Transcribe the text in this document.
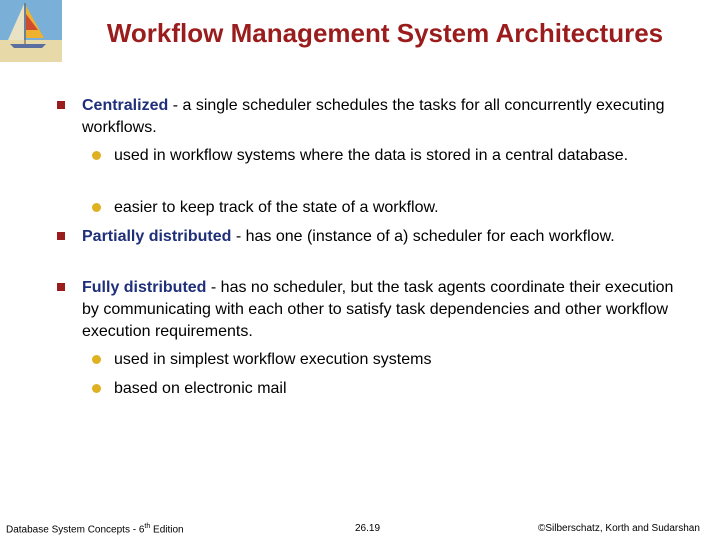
Workflow Management System Architectures
Centralized - a single scheduler schedules the tasks for all concurrently executing workflows.
used in workflow systems where the data is stored in a central database.
easier to keep track of the state of a workflow.
Partially distributed - has one (instance of a) scheduler for each workflow.
Fully distributed - has no scheduler, but the task agents coordinate their execution by communicating with each other to satisfy task dependencies and other workflow execution requirements.
used in simplest workflow execution systems
based on electronic mail
Database System Concepts - 6th Edition	26.19	©Silberschatz, Korth and Sudarshan
